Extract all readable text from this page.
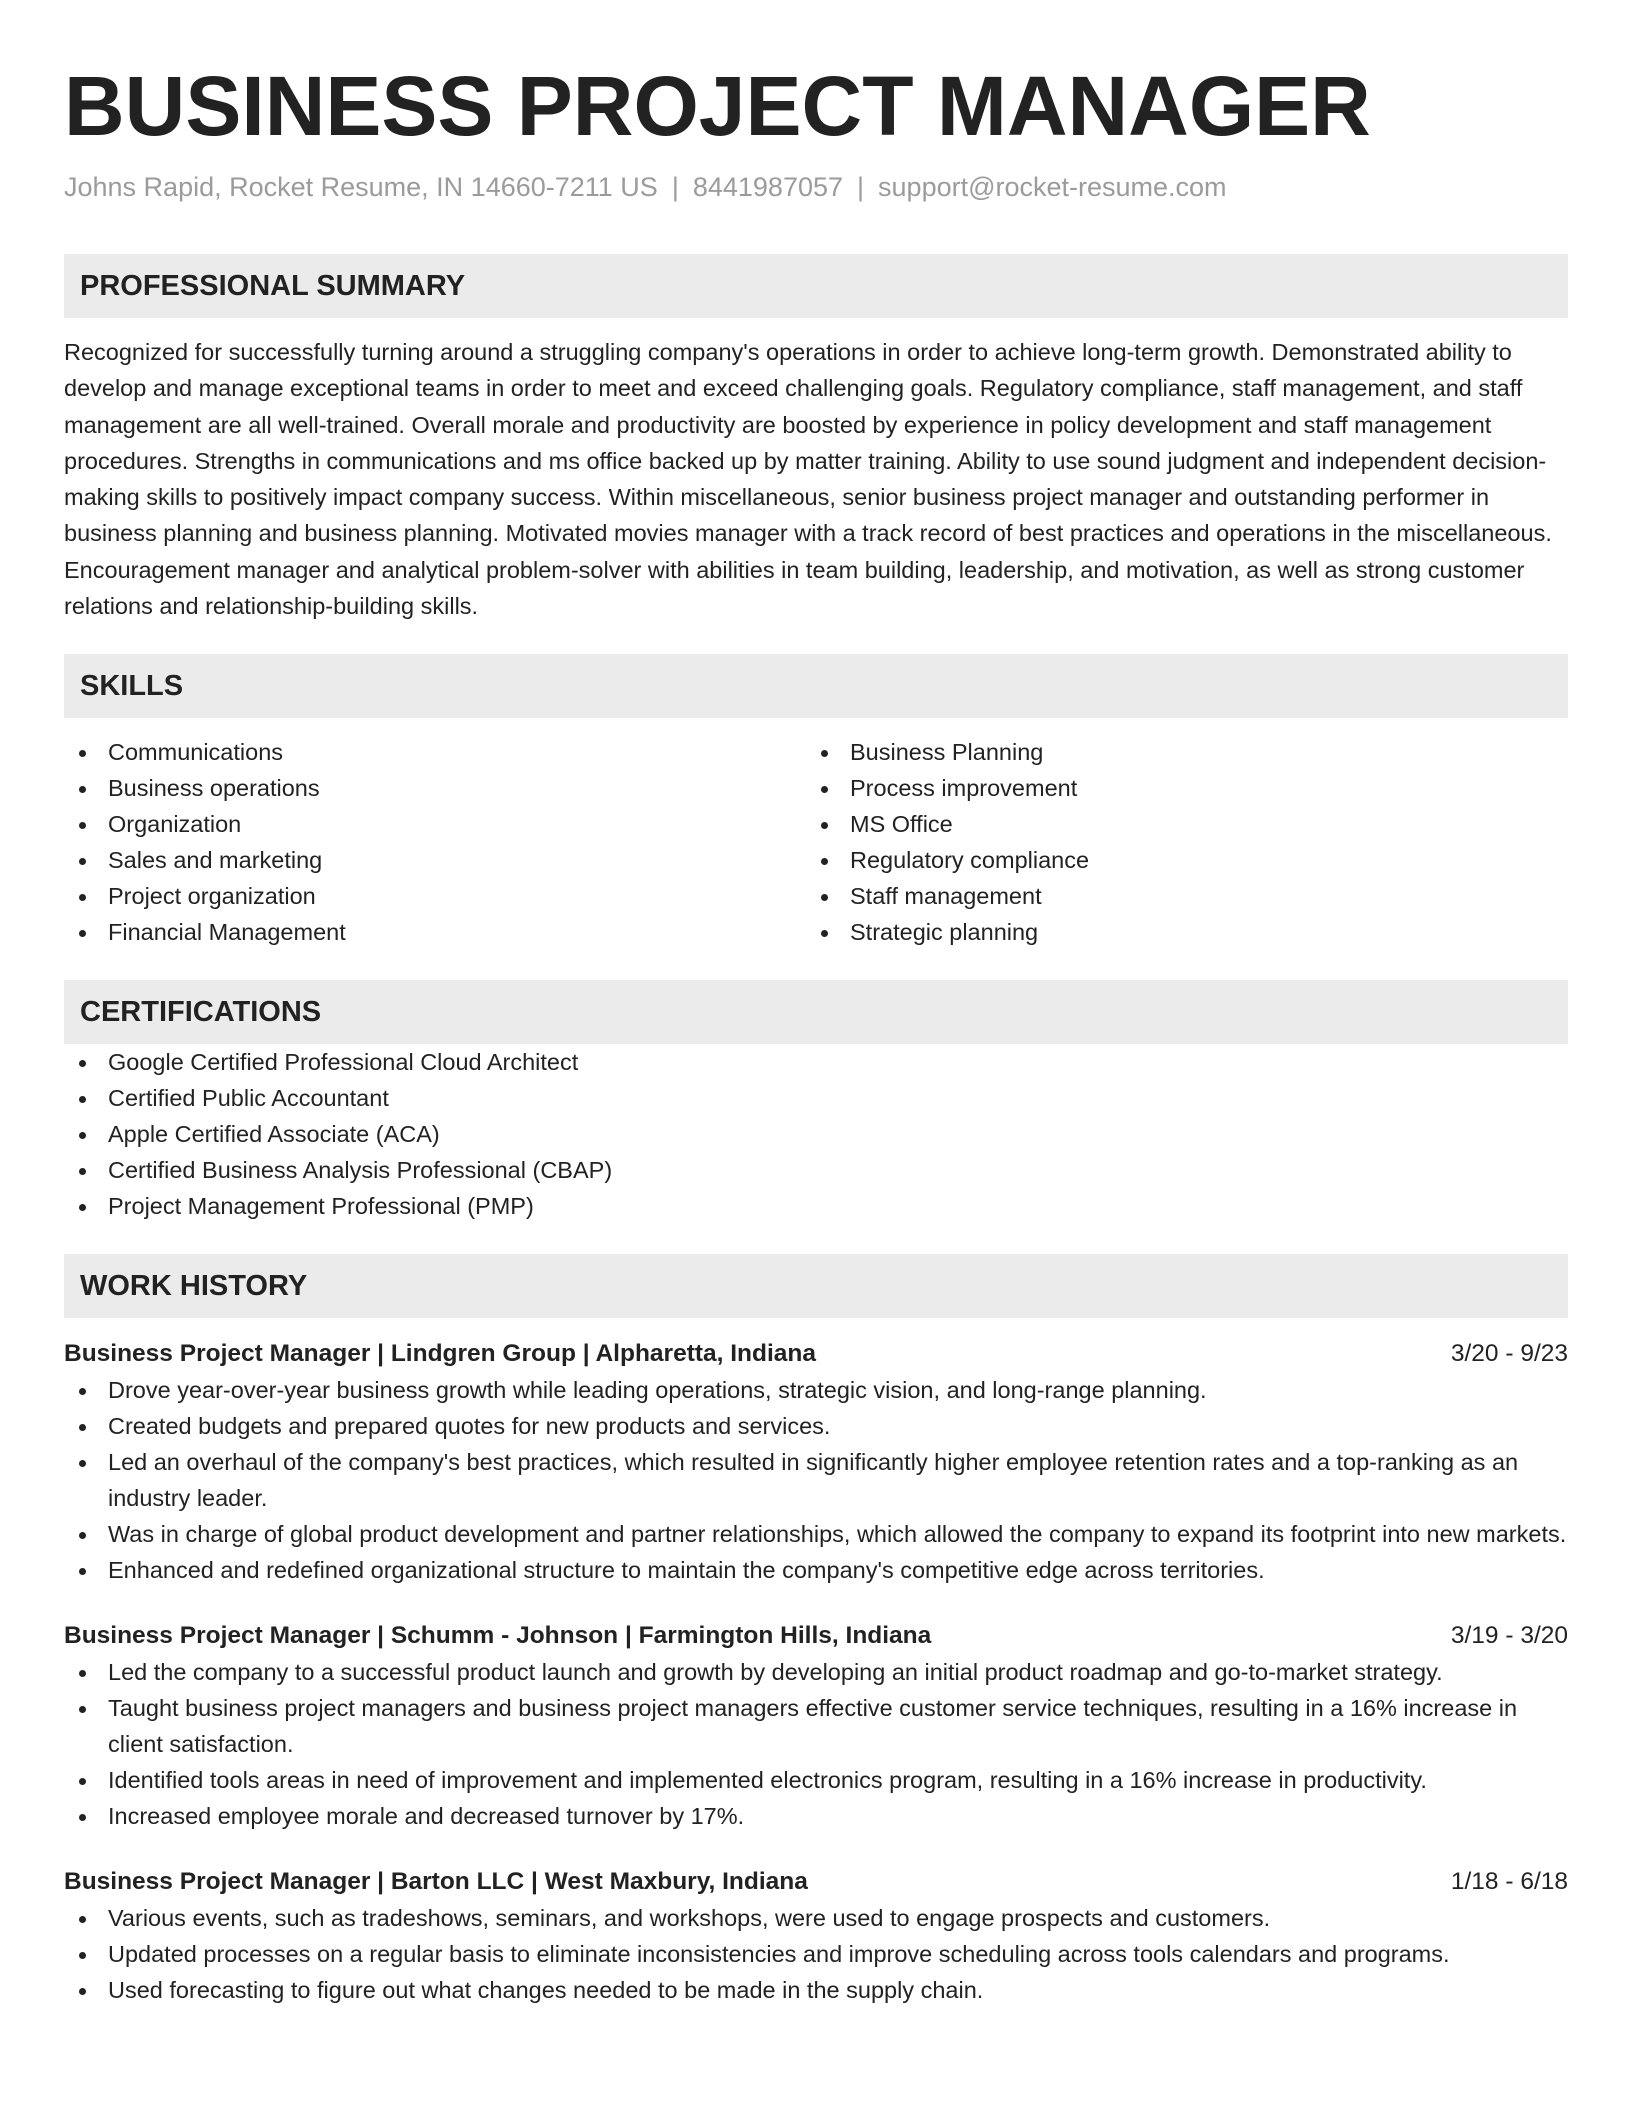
BUSINESS PROJECT MANAGER
Johns Rapid, Rocket Resume, IN 14660-7211 US | 8441987057 | support@rocket-resume.com
PROFESSIONAL SUMMARY

Recognized for successfully turning around a struggling company's operations in order to achieve long-term growth. Demonstrated ability to develop and manage exceptional teams in order to meet and exceed challenging goals. Regulatory compliance, staff management, and staff management are all well-trained. Overall morale and productivity are boosted by experience in policy development and staff management procedures. Strengths in communications and ms office backed up by matter training. Ability to use sound judgment and independent decision-making skills to positively impact company success. Within miscellaneous, senior business project manager and outstanding performer in business planning and business planning. Motivated movies manager with a track record of best practices and operations in the miscellaneous. Encouragement manager and analytical problem-solver with abilities in team building, leadership, and motivation, as well as strong customer relations and relationship-building skills.

SKILLS
Communications
Business operations
Organization
Sales and marketing
Project organization
Financial Management
Business Planning
Process improvement
MS Office
Regulatory compliance
Staff management
Strategic planning
CERTIFICATIONS
Google Certified Professional Cloud Architect
Certified Public Accountant
Apple Certified Associate (ACA)
Certified Business Analysis Professional (CBAP)
Project Management Professional (PMP)
WORK HISTORY
Business Project Manager | Lindgren Group | Alpharetta, Indiana	3/20 - 9/23
Drove year-over-year business growth while leading operations, strategic vision, and long-range planning.
Created budgets and prepared quotes for new products and services.
Led an overhaul of the company's best practices, which resulted in significantly higher employee retention rates and a top-ranking as an industry leader.
Was in charge of global product development and partner relationships, which allowed the company to expand its footprint into new markets.
Enhanced and redefined organizational structure to maintain the company's competitive edge across territories.
Business Project Manager | Schumm - Johnson | Farmington Hills, Indiana	3/19 - 3/20
Led the company to a successful product launch and growth by developing an initial product roadmap and go-to-market strategy.
Taught business project managers and business project managers effective customer service techniques, resulting in a 16% increase in client satisfaction.
Identified tools areas in need of improvement and implemented electronics program, resulting in a 16% increase in productivity.
Increased employee morale and decreased turnover by 17%.
Business Project Manager | Barton LLC | West Maxbury, Indiana	1/18 - 6/18
Various events, such as tradeshows, seminars, and workshops, were used to engage prospects and customers.
Updated processes on a regular basis to eliminate inconsistencies and improve scheduling across tools calendars and programs.
Used forecasting to figure out what changes needed to be made in the supply chain.
